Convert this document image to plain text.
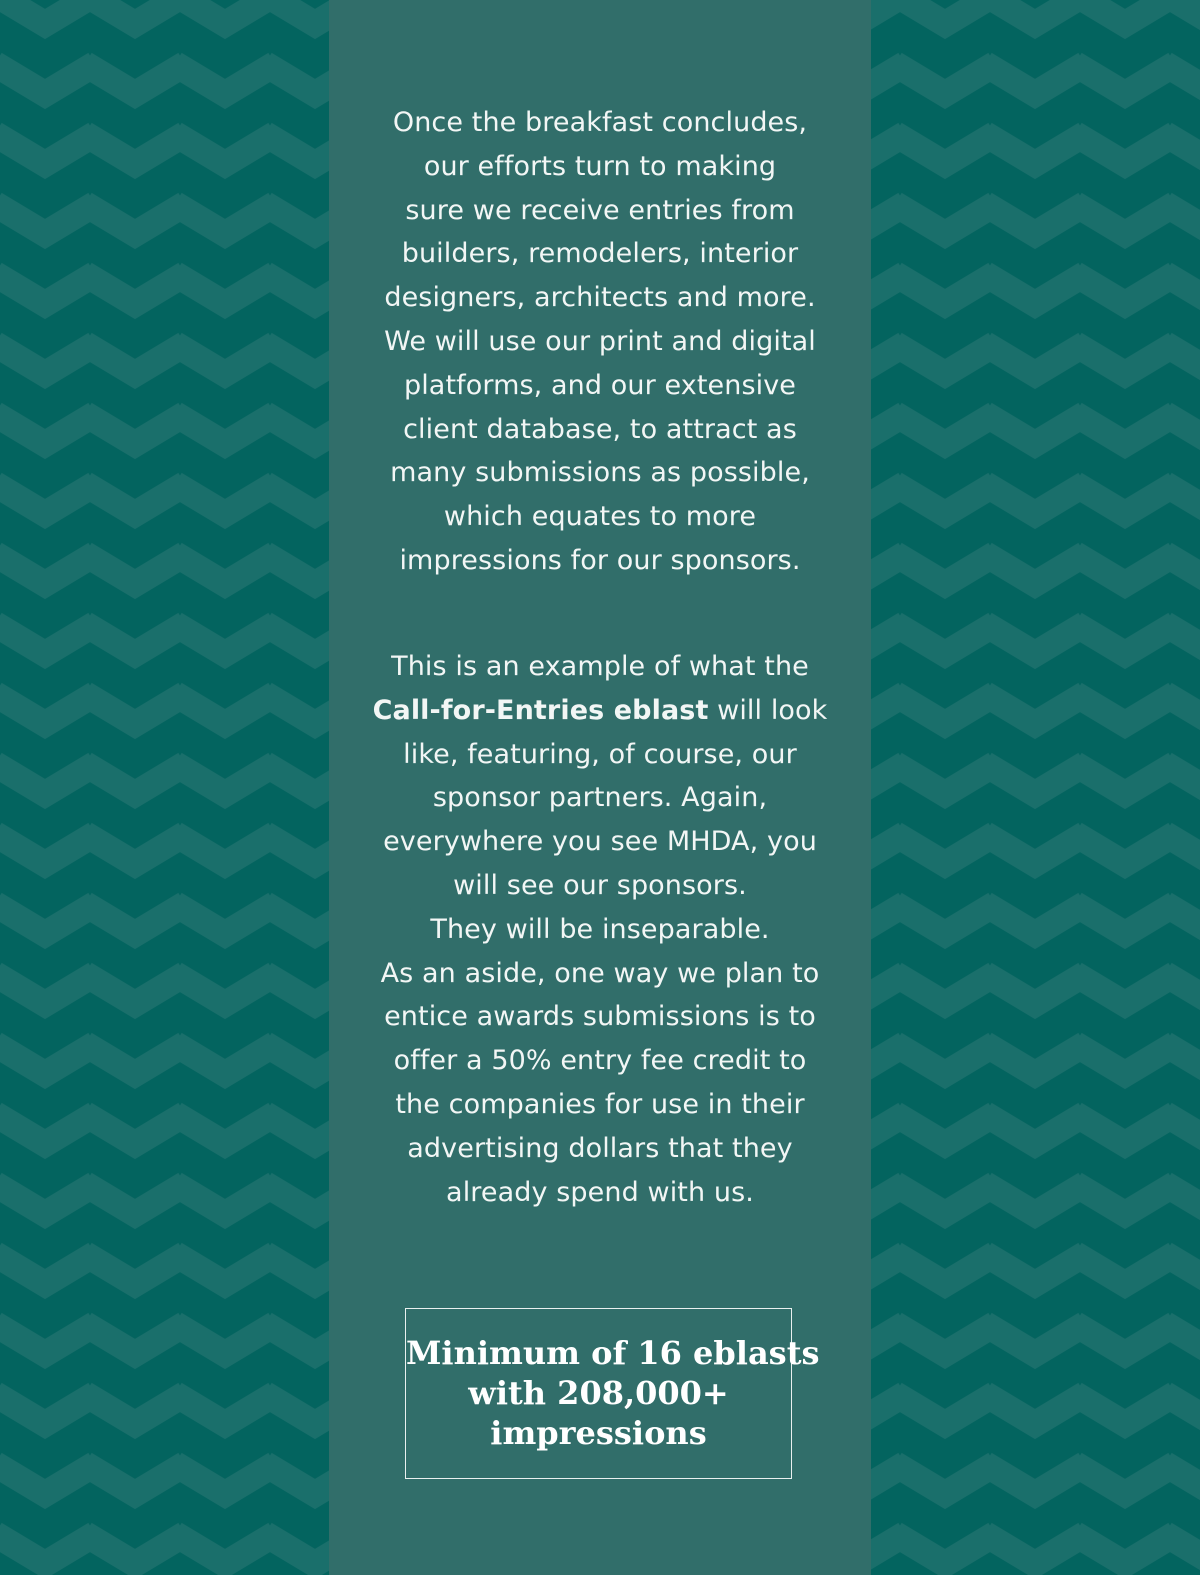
Once the breakfast concludes,
our efforts turn to making
sure we receive entries from
builders, remodelers, interior
designers, architects and more.
We will use our print and digital
platforms, and our extensive
client database, to attract as
many submissions as possible,
which equates to more
impressions for our sponsors.
This is an example of what the
Call-for-Entries eblast will look
like, featuring, of course, our
sponsor partners. Again,
everywhere you see MHDA, you
will see our sponsors.
They will be inseparable.
As an aside, one way we plan to
entice awards submissions is to
offer a 50% entry fee credit to
the companies for use in their
advertising dollars that they
already spend with us.
Minimum of 16 eblasts
with 208,000+
impressions
